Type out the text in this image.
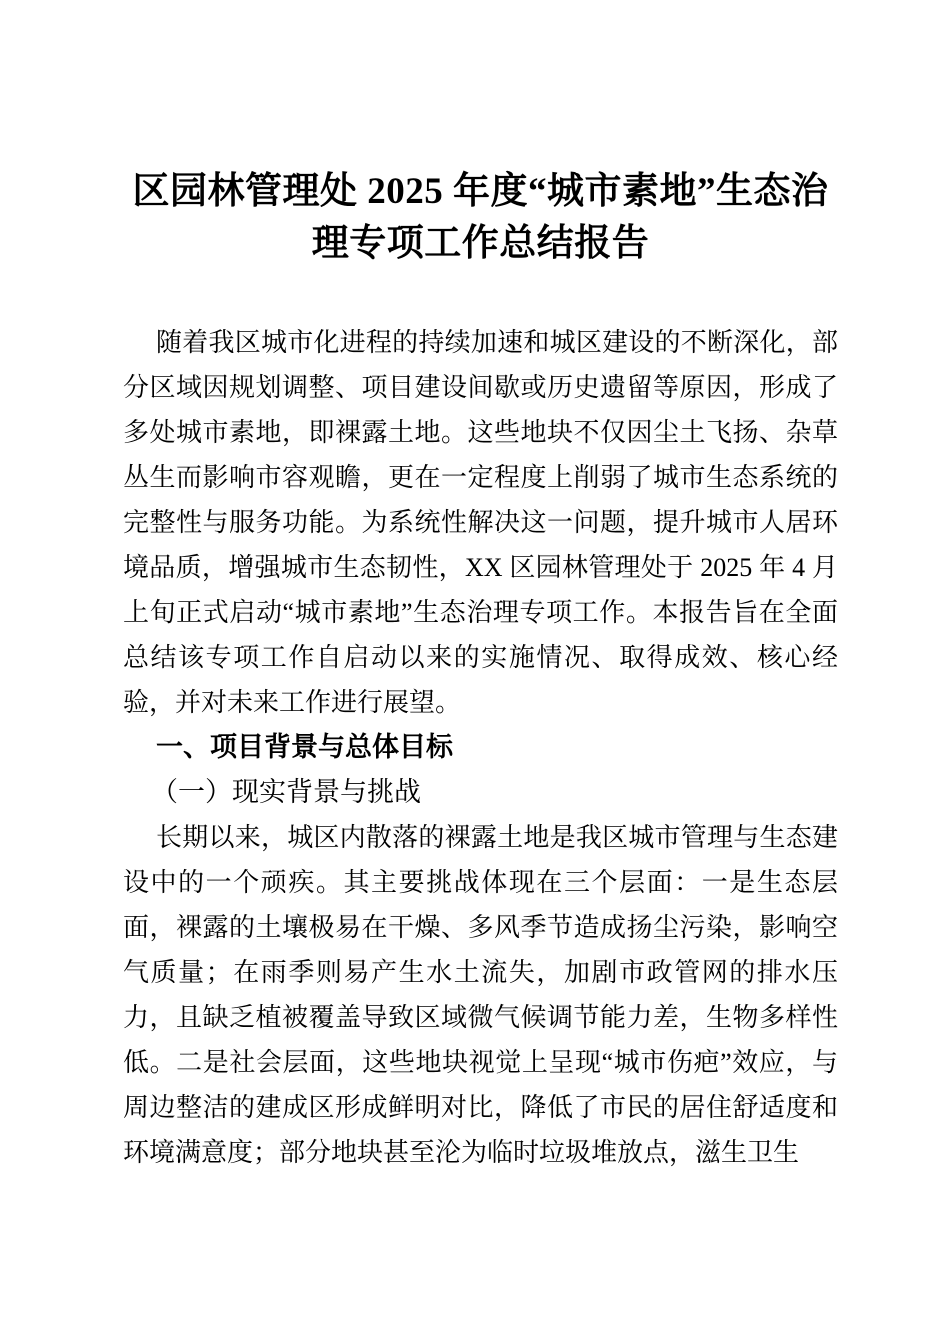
区园林管理处 2025 年度“城市素地”生态治理专项工作总结报告

随着我区城市化进程的持续加速和城区建设的不断深化，部分区域因规划调整、项目建设间歇或历史遗留等原因，形成了多处城市素地，即裸露土地。这些地块不仅因尘土飞扬、杂草丛生而影响市容观瞻，更在一定程度上削弱了城市生态系统的完整性与服务功能。为系统性解决这一问题，提升城市人居环境品质，增强城市生态韧性，XX 区园林管理处于 2025 年 4 月上旬正式启动“城市素地”生态治理专项工作。本报告旨在全面总结该专项工作自启动以来的实施情况、取得成效、核心经验，并对未来工作进行展望。

一、项目背景与总体目标
（一）现实背景与挑战

长期以来，城区内散落的裸露土地是我区城市管理与生态建设中的一个顽疾。其主要挑战体现在三个层面：一是生态层面，裸露的土壤极易在干燥、多风季节造成扬尘污染，影响空气质量；在雨季则易产生水土流失，加剧市政管网的排水压力，且缺乏植被覆盖导致区域微气候调节能力差，生物多样性低。二是社会层面，这些地块视觉上呈现“城市伤疤”效应，与周边整洁的建成区形成鲜明对比，降低了市民的居住舒适度和环境满意度；部分地块甚至沦为临时垃圾堆放点，滋生卫生
